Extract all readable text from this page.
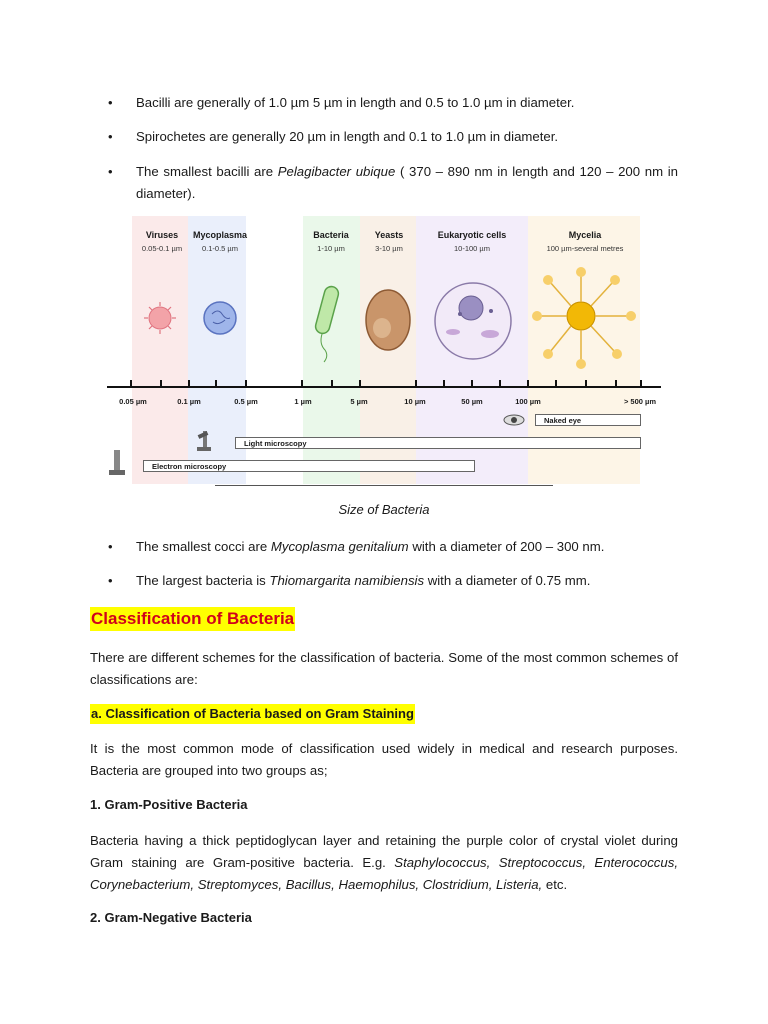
• Bacilli are generally of 1.0 µm 5 µm in length and 0.5 to 1.0 µm in diameter.
• Spirochetes are generally 20 µm in length and 0.1 to 1.0 µm in diameter.
• The smallest bacilli are Pelagibacter ubique ( 370 – 890 nm in length and 120 – 200 nm in diameter).
Viruses
0.05-0.1 µm
Mycoplasma
0.1-0.5 µm
Bacteria
1-10 µm
Yeasts
3-10 µm
Eukaryotic cells
10-100 µm
Mycelia
100 µm-several metres
0.05 µm	0.1 µm	0.5 µm	1 µm	5 µm	10 µm	50 µm	100 µm	> 500 µm
Naked eye
Light microscopy
Electron microscopy
Size of Bacteria
• The smallest cocci are Mycoplasma genitalium with a diameter of 200 – 300 nm.
• The largest bacteria is Thiomargarita namibiensis with a diameter of 0.75 mm.
Classification of Bacteria
There are different schemes for the classification of bacteria. Some of the most common schemes of classifications are:
a. Classification of Bacteria based on Gram Staining
It is the most common mode of classification used widely in medical and research purposes. Bacteria are grouped into two groups as;
1. Gram-Positive Bacteria
Bacteria having a thick peptidoglycan layer and retaining the purple color of crystal violet during Gram staining are Gram-positive bacteria. E.g. Staphylococcus, Streptococcus, Enterococcus, Corynebacterium, Streptomyces, Bacillus, Haemophilus, Clostridium, Listeria, etc.
2. Gram-Negative Bacteria
